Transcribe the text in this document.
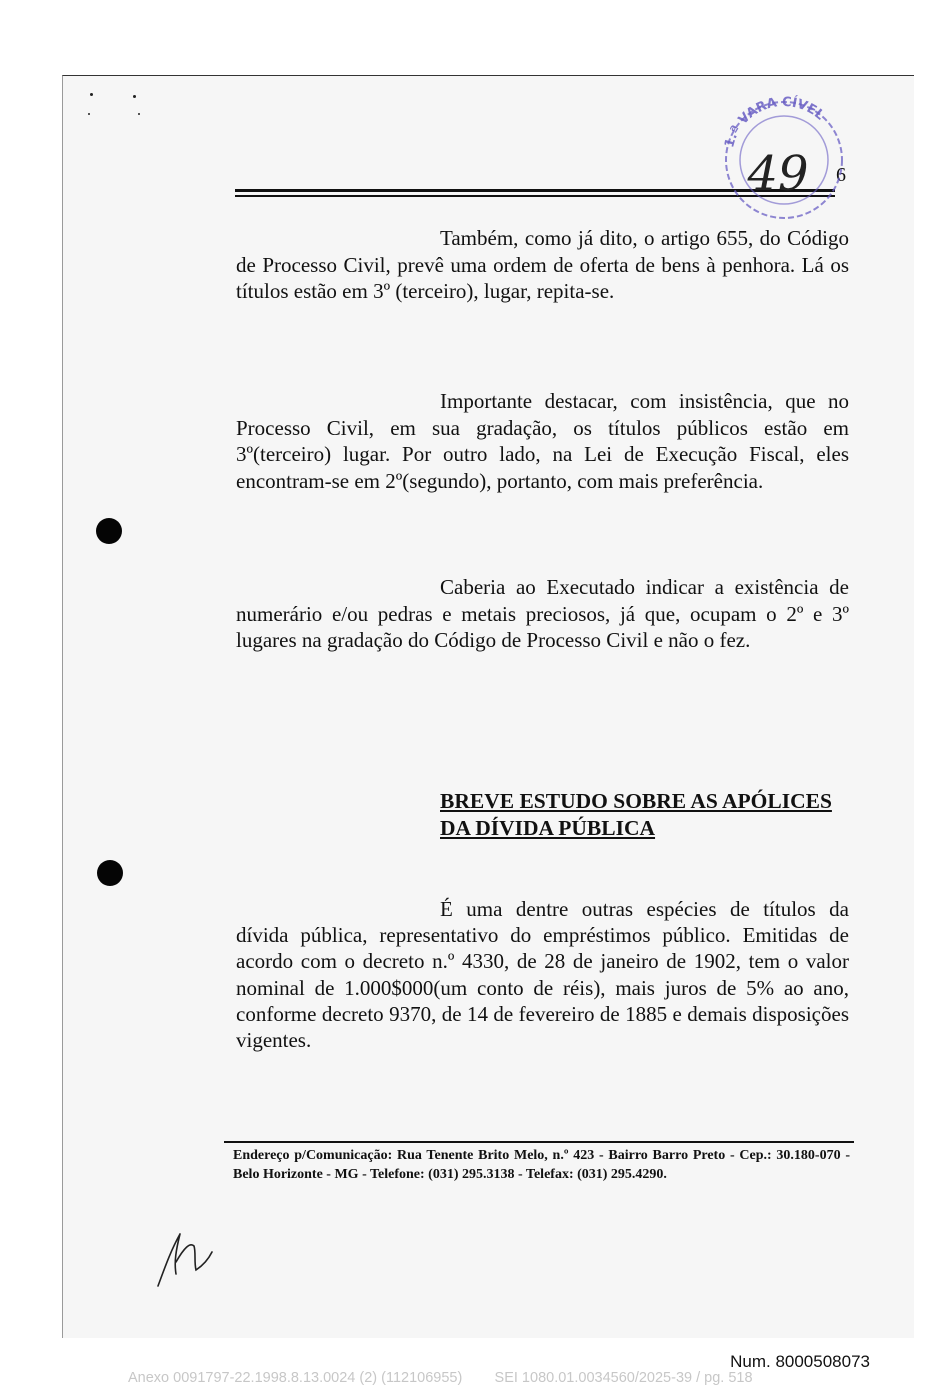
6
1.ª VARA CÍVEL
49

Também, como já dito, o artigo 655, do Código de Processo Civil, prevê uma ordem de oferta de bens à penhora. Lá os títulos estão em 3º (terceiro), lugar, repita-se.

Importante destacar, com insistência, que no Processo Civil, em sua gradação, os títulos públicos estão em 3º(terceiro) lugar. Por outro lado, na Lei de Execução Fiscal, eles encontram-se em 2º(segundo), portanto, com mais preferência.

Caberia ao Executado indicar a existência de numerário e/ou pedras e metais preciosos, já que, ocupam o 2º e 3º lugares na gradação do Código de Processo Civil e não o fez.

BREVE ESTUDO SOBRE AS APÓLICES

DA DÍVIDA PÚBLICA

É uma dentre outras espécies de títulos da dívida pública, representativo do empréstimos público. Emitidas de acordo com o decreto n.º 4330, de 28 de janeiro de 1902, tem o valor nominal de 1.000$000(um conto de réis), mais juros de 5% ao ano, conforme decreto 9370, de 14 de fevereiro de 1885 e demais disposições vigentes.

Endereço p/Comunicação: Rua Tenente Brito Melo, n.º 423 - Bairro Barro Preto - Cep.: 30.180-070 - Belo Horizonte - MG - Telefone: (031) 295.3138 - Telefax: (031) 295.4290.

Num. 8000508073
Anexo 0091797-22.1998.8.13.0024 (2) (112106955)        SEI 1080.01.0034560/2025-39 / pg. 518
